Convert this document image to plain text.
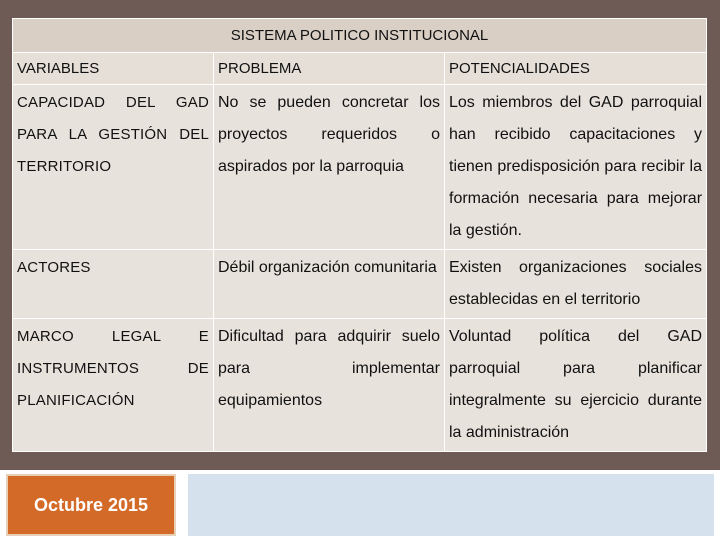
SISTEMA POLITICO INSTITUCIONAL		
VARIABLES	PROBLEMA	POTENCIALIDADES
CAPACIDAD DEL GAD PARA LA GESTIÓN DEL TERRITORIO	No se pueden concretar los proyectos requeridos o aspirados por la parroquia	Los miembros del GAD parroquial han recibido capacitaciones y tienen predisposición para recibir la formación necesaria para mejorar la gestión.
ACTORES	Débil organización comunitaria	Existen organizaciones sociales establecidas en el territorio
MARCO LEGAL E INSTRUMENTOS DE PLANIFICACIÓN	Dificultad para adquirir suelo para implementar equipamientos	Voluntad política del GAD parroquial para planificar integralmente su ejercicio durante la administración
Octubre 2015
